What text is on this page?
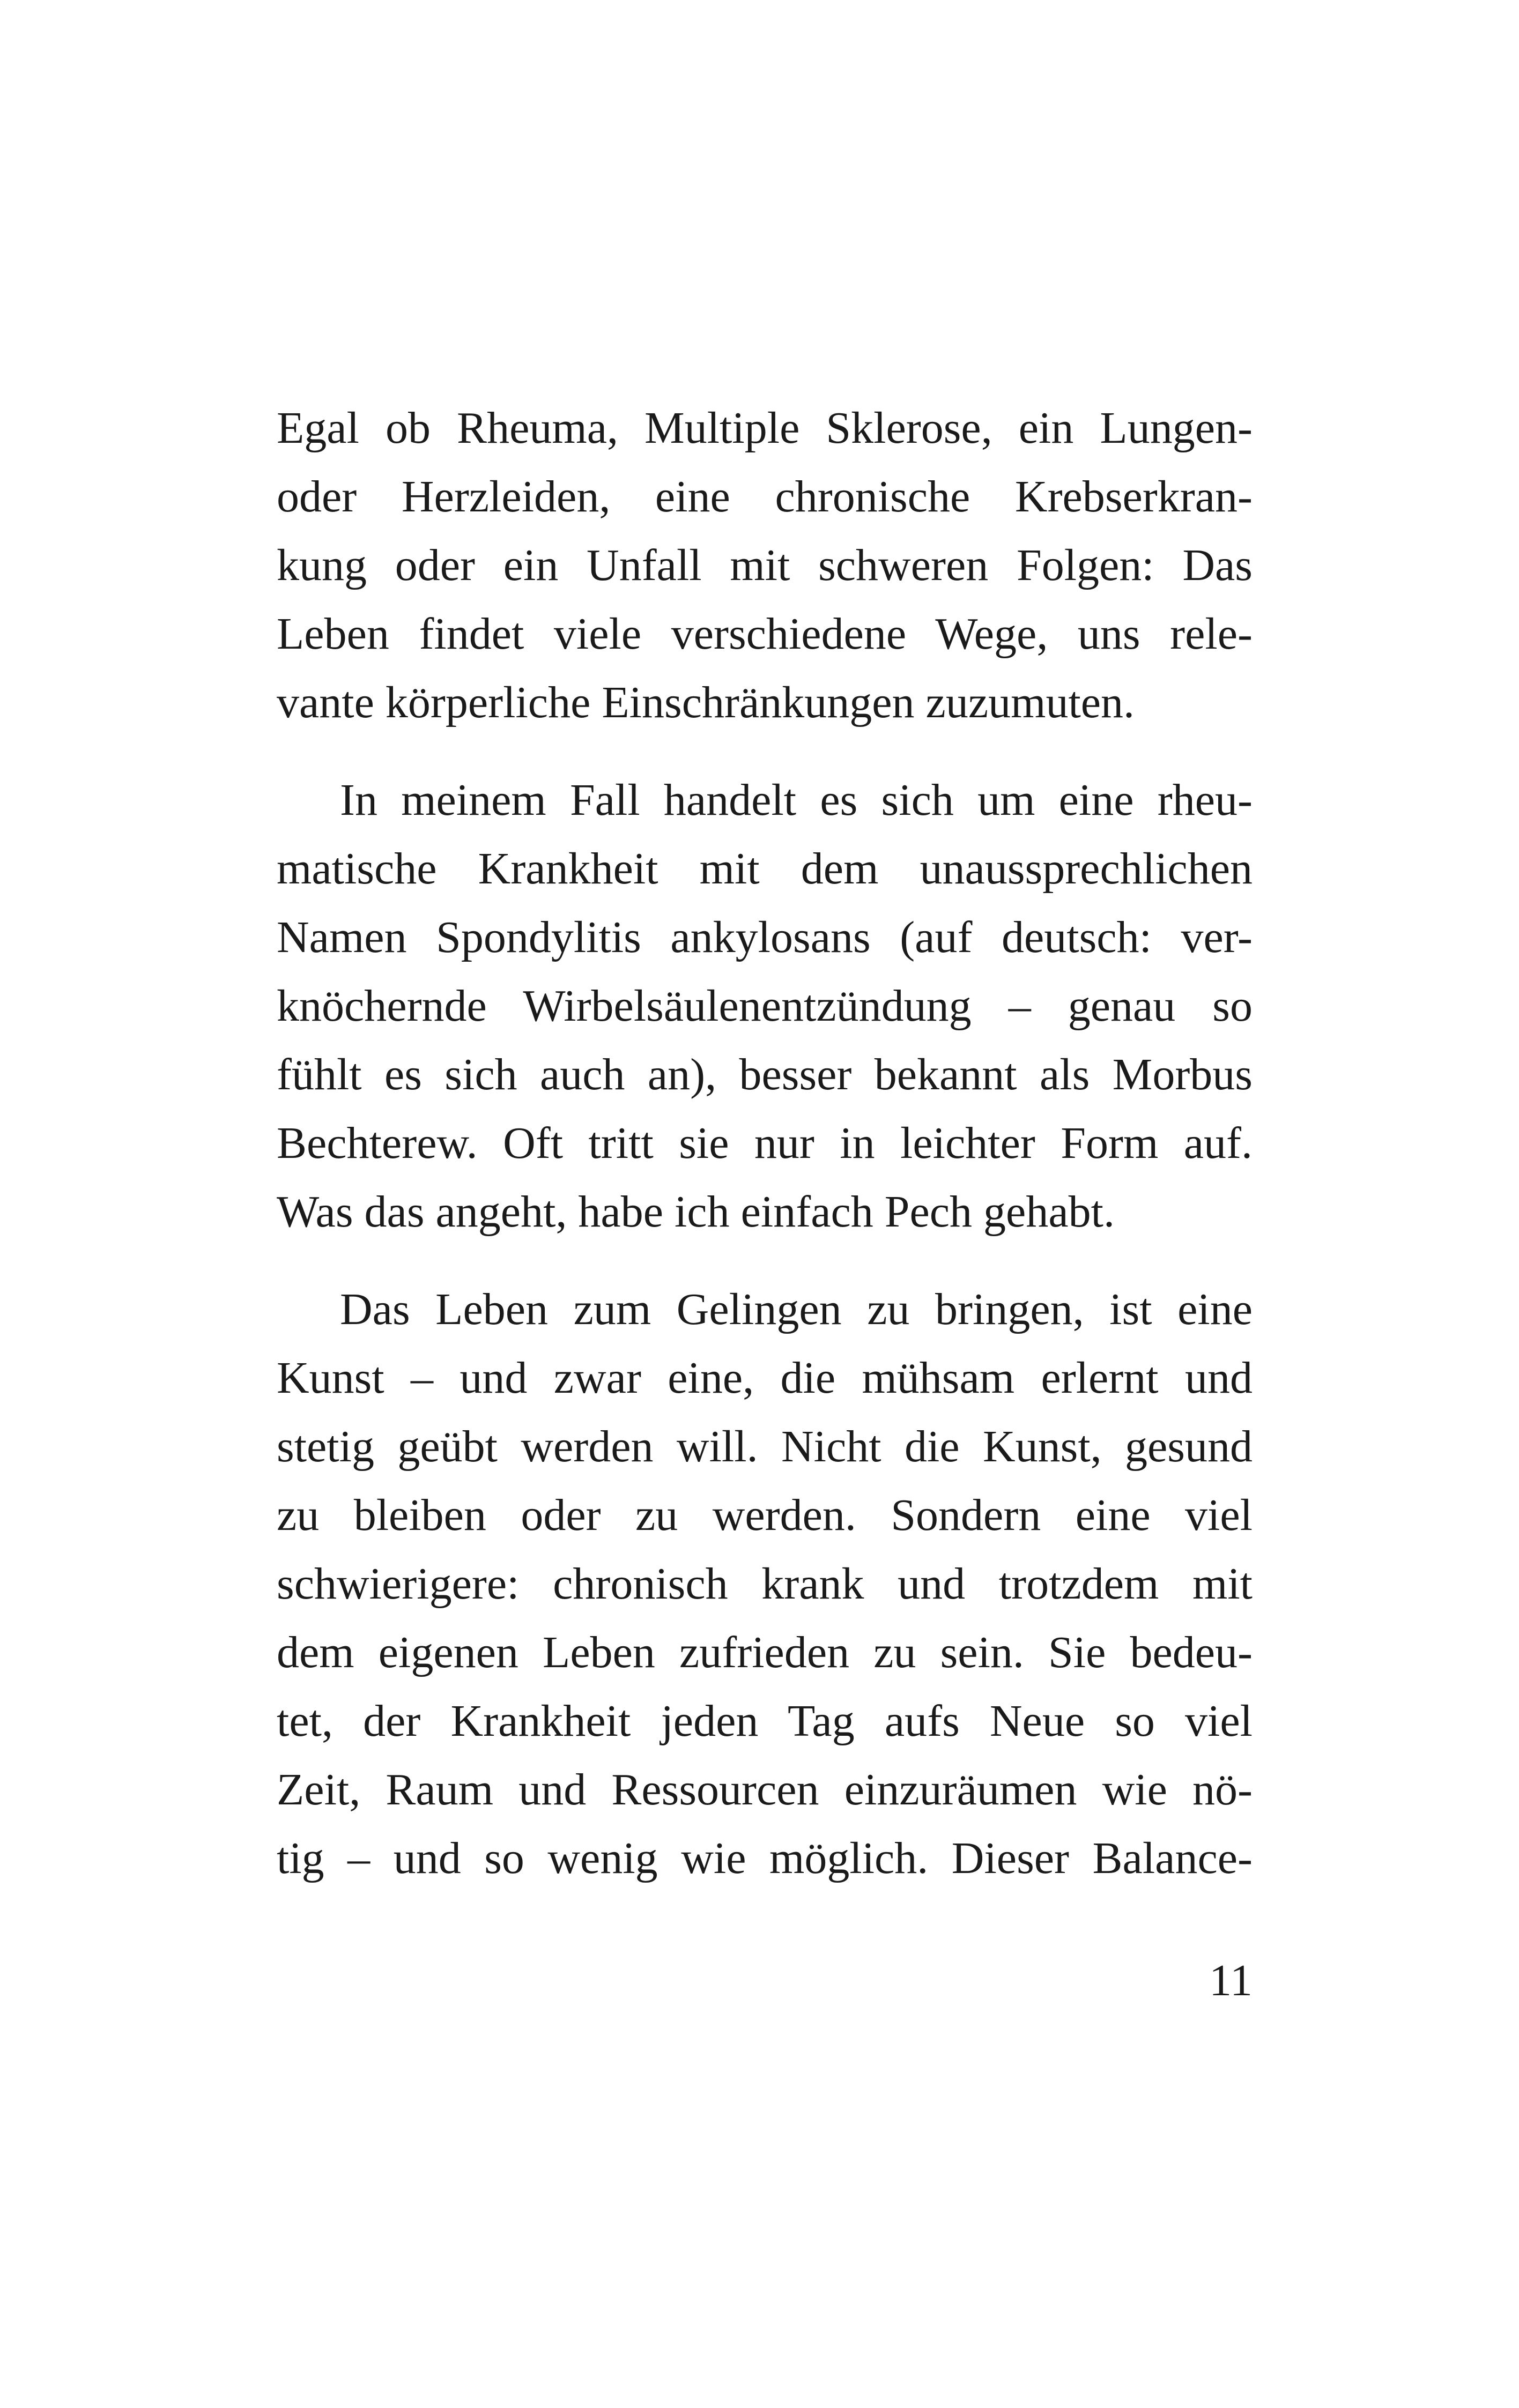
Egal ob Rheuma, Multiple Sklerose, ein Lungen-
oder Herzleiden, eine chronische Krebserkran-
kung oder ein Unfall mit schweren Folgen: Das
Leben findet viele verschiedene Wege, uns rele-
vante körperliche Einschränkungen zuzumuten.
In meinem Fall handelt es sich um eine rheu-
matische Krankheit mit dem unaussprechlichen
Namen Spondylitis ankylosans (auf deutsch: ver-
knöchernde Wirbelsäulenentzündung – genau so
fühlt es sich auch an), besser bekannt als Morbus
Bechterew. Oft tritt sie nur in leichter Form auf.
Was das angeht, habe ich einfach Pech gehabt.
Das Leben zum Gelingen zu bringen, ist eine
Kunst – und zwar eine, die mühsam erlernt und
stetig geübt werden will. Nicht die Kunst, gesund
zu bleiben oder zu werden. Sondern eine viel
schwierigere: chronisch krank und trotzdem mit
dem eigenen Leben zufrieden zu sein. Sie bedeu-
tet, der Krankheit jeden Tag aufs Neue so viel
Zeit, Raum und Ressourcen einzuräumen wie nö-
tig – und so wenig wie möglich. Dieser Balance-
11
